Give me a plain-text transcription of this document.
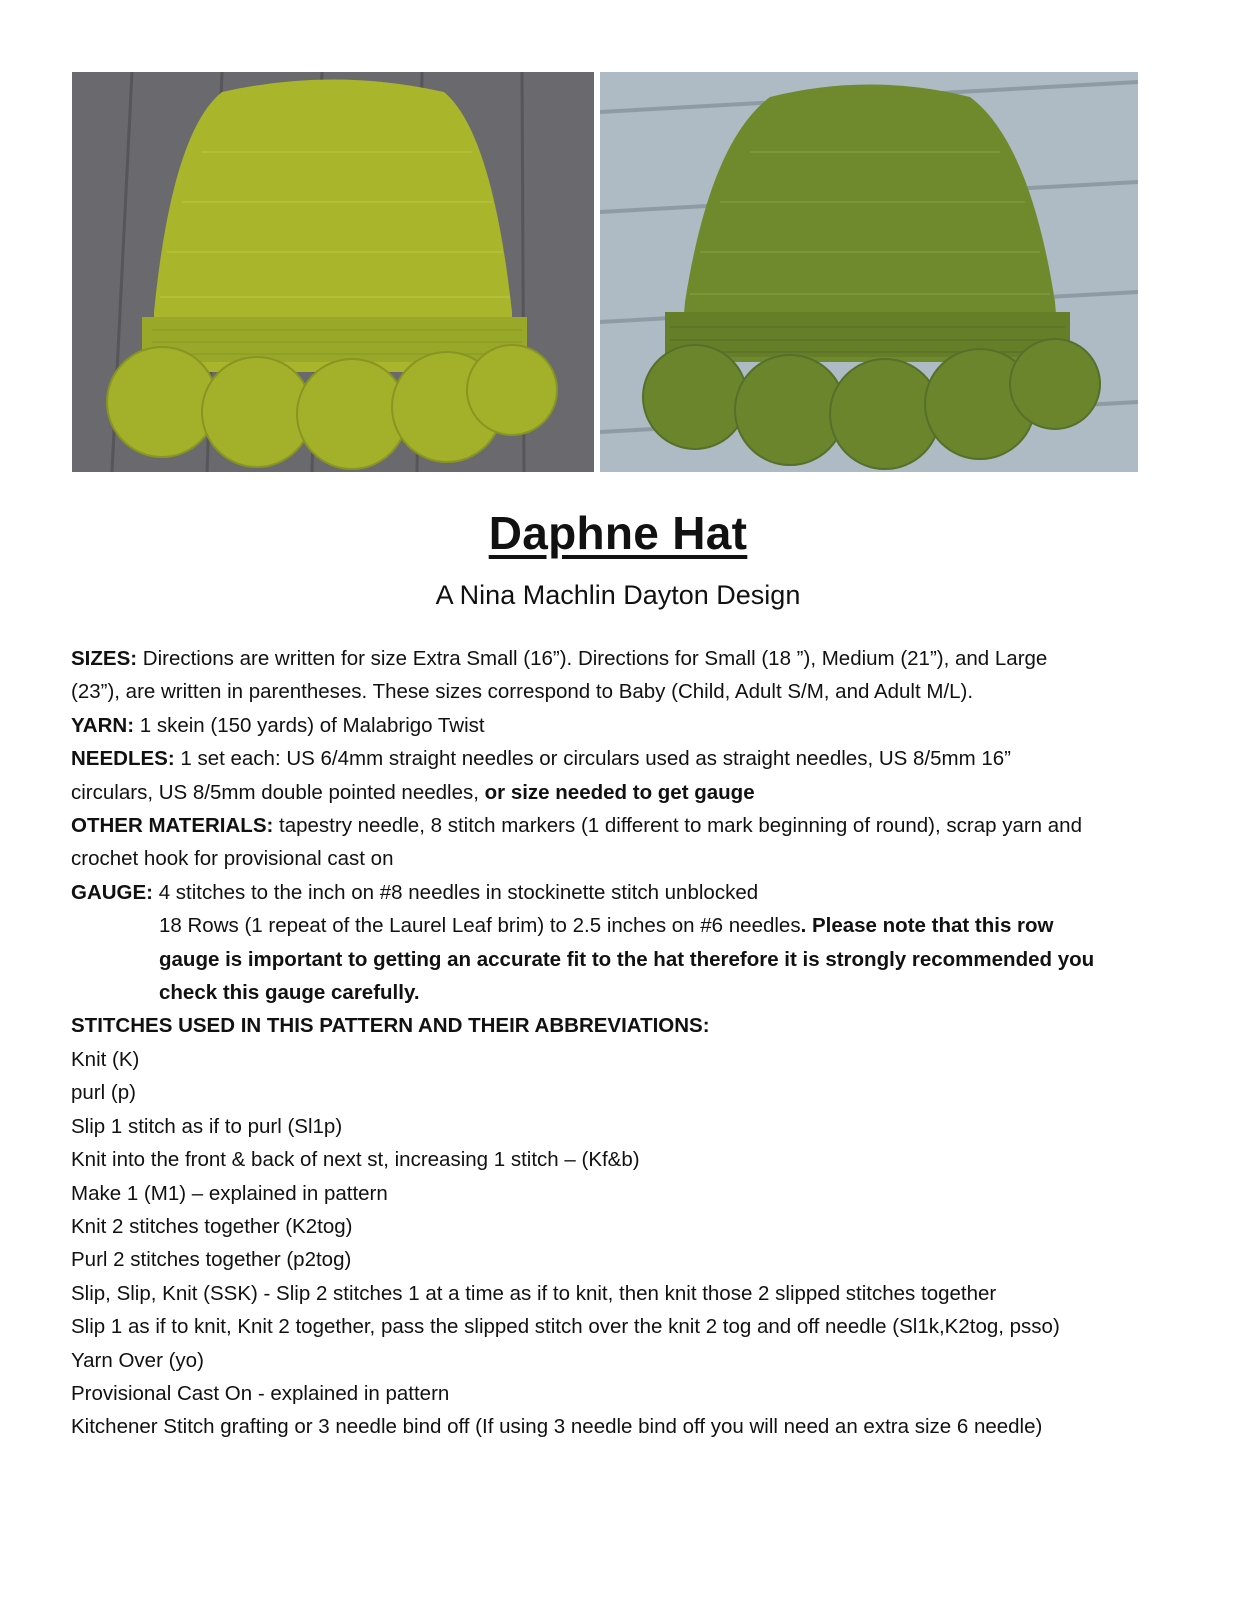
Daphne Hat
A Nina Machlin Dayton Design

SIZES: Directions are written for size Extra Small (16”). Directions for Small (18 ”), Medium (21”), and Large

(23”), are written in parentheses. These sizes correspond to Baby (Child, Adult S/M, and Adult M/L).

YARN: 1 skein (150 yards) of Malabrigo Twist

NEEDLES: 1 set each: US 6/4mm straight needles or circulars used as straight needles, US 8/5mm 16”

circulars, US 8/5mm double pointed needles, or size needed to get gauge

OTHER MATERIALS: tapestry needle, 8 stitch markers (1 different to mark beginning of round), scrap yarn and

crochet hook for provisional cast on

GAUGE: 4 stitches to the inch on #8 needles in stockinette stitch unblocked

18 Rows (1 repeat of the Laurel Leaf brim) to 2.5 inches on #6 needles. Please note that this row

gauge is important to getting an accurate fit to the hat therefore it is strongly recommended you

check this gauge carefully.

STITCHES USED IN THIS PATTERN AND THEIR ABBREVIATIONS:

Knit (K)

purl (p)

Slip 1 stitch as if to purl (Sl1p)

Knit into the front & back of next st, increasing 1 stitch – (Kf&b)

Make 1 (M1) – explained in pattern

Knit 2 stitches together (K2tog)

Purl 2 stitches together (p2tog)

Slip, Slip, Knit (SSK) - Slip 2 stitches 1 at a time as if to knit, then knit those 2 slipped stitches together

Slip 1 as if to knit, Knit 2 together, pass the slipped stitch over the knit 2 tog and off needle (Sl1k,K2tog, psso)

Yarn Over (yo)

Provisional Cast On - explained in pattern

Kitchener Stitch grafting or 3 needle bind off (If using 3 needle bind off you will need an extra size 6 needle)
